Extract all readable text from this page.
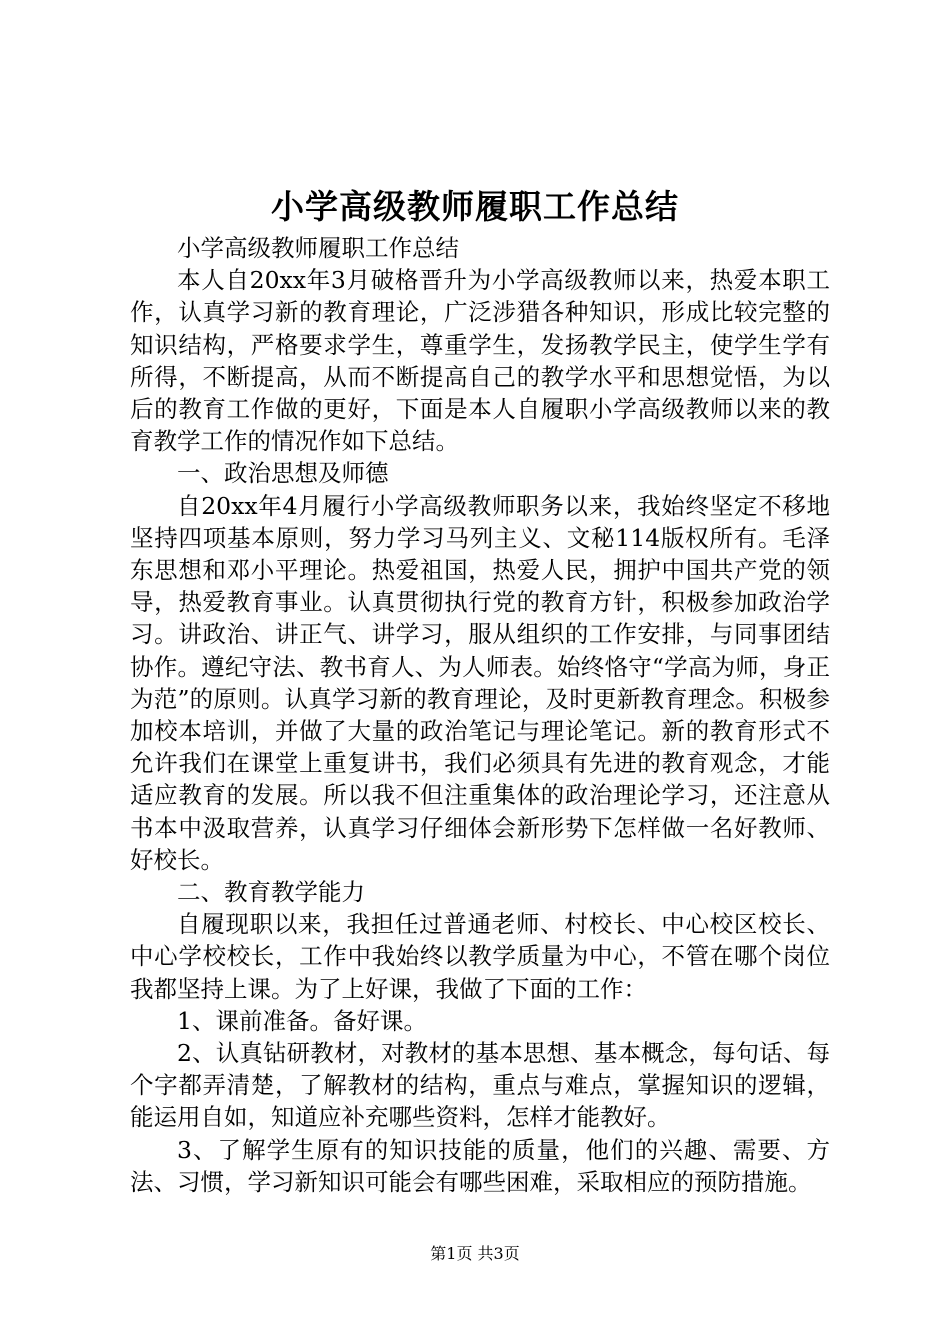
小学高级教师履职工作总结

小学高级教师履职工作总结

本人自20xx年3月破格晋升为小学高级教师以来，热爱本职工作，认真学习新的教育理论，广泛涉猎各种知识，形成比较完整的知识结构，严格要求学生，尊重学生，发扬教学民主，使学生学有所得，不断提高，从而不断提高自己的教学水平和思想觉悟，为以后的教育工作做的更好，下面是本人自履职小学高级教师以来的教育教学工作的情况作如下总结。

一、政治思想及师德

自20xx年4月履行小学高级教师职务以来，我始终坚定不移地坚持四项基本原则，努力学习马列主义、文秘114版权所有。毛泽东思想和邓小平理论。热爱祖国，热爱人民，拥护中国共产党的领导，热爱教育事业。认真贯彻执行党的教育方针，积极参加政治学习。讲政治、讲正气、讲学习，服从组织的工作安排，与同事团结协作。遵纪守法、教书育人、为人师表。始终恪守“学高为师，身正为范”的原则。认真学习新的教育理论，及时更新教育理念。积极参加校本培训，并做了大量的政治笔记与理论笔记。新的教育形式不允许我们在课堂上重复讲书，我们必须具有先进的教育观念，才能适应教育的发展。所以我不但注重集体的政治理论学习，还注意从书本中汲取营养，认真学习仔细体会新形势下怎样做一名好教师、好校长。

二、教育教学能力

自履现职以来，我担任过普通老师、村校长、中心校区校长、中心学校校长，工作中我始终以教学质量为中心，不管在哪个岗位我都坚持上课。为了上好课，我做了下面的工作：

1、课前准备。备好课。

2、认真钻研教材，对教材的基本思想、基本概念，每句话、每个字都弄清楚，了解教材的结构，重点与难点，掌握知识的逻辑，能运用自如，知道应补充哪些资料，怎样才能教好。

3、了解学生原有的知识技能的质量，他们的兴趣、需要、方法、习惯，学习新知识可能会有哪些困难，采取相应的预防措施。

第1页 共3页
